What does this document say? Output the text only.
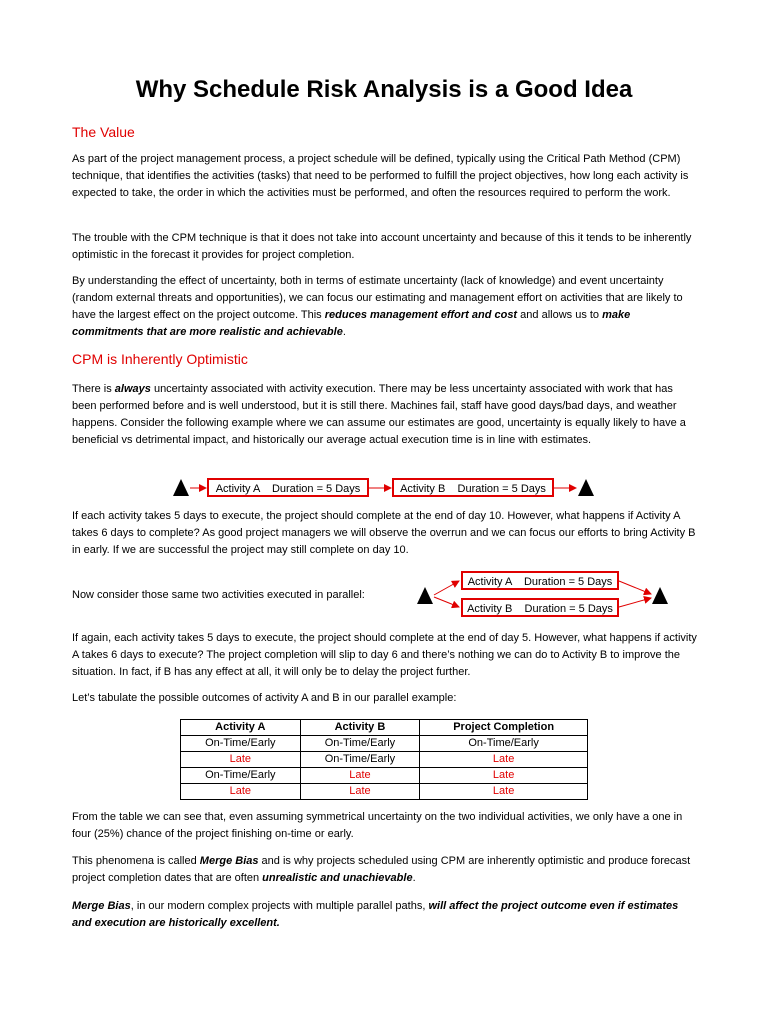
Why Schedule Risk Analysis is a Good Idea
The Value

As part of the project management process, a project schedule will be defined, typically using the Critical Path Method (CPM) technique, that identifies the activities (tasks) that need to be performed to fulfill the project objectives, how long each activity is expected to take, the order in which the activities must be performed, and often the resources required to perform the work.

The trouble with the CPM technique is that it does not take into account uncertainty and because of this it tends to be inherently optimistic in the forecast it provides for project completion.

By understanding the effect of uncertainty, both in terms of estimate uncertainty (lack of knowledge) and event uncertainty (random external threats and opportunities), we can focus our estimating and management effort on activities that are likely to have the largest effect on the project outcome. This reduces management effort and cost and allows us to make commitments that are more realistic and achievable.

CPM is Inherently Optimistic

There is always uncertainty associated with activity execution. There may be less uncertainty associated with work that has been performed before and is well understood, but it is still there. Machines fail, staff have good days/bad days, and weather happens. Consider the following example where we can assume our estimates are good, uncertainty is equally likely to have a beneficial vs detrimental impact, and historically our average actual execution time is in line with estimates.

Activity A    Duration = 5 Days	Activity B    Duration = 5 Days

If each activity takes 5 days to execute, the project should complete at the end of day 10. However, what happens if Activity A takes 6 days to complete? As good project managers we will observe the overrun and we can focus our efforts to bring Activity B in early. If we are successful the project may still complete on day 10.

Now consider those same two activities executed in parallel:

Activity A    Duration = 5 Days
Activity B    Duration = 5 Days

If again, each activity takes 5 days to execute, the project should complete at the end of day 5. However, what happens if activity A takes 6 days to execute? The project completion will slip to day 6 and there’s nothing we can do to Activity B to improve the situation. In fact, if B has any effect at all, it will only be to delay the project further.

Let’s tabulate the possible outcomes of activity A and B in our parallel example:

Activity A	Activity B	Project Completion
On-Time/Early	On-Time/Early	On-Time/Early
Late	On-Time/Early	Late
On-Time/Early	Late	Late
Late	Late	Late

From the table we can see that, even assuming symmetrical uncertainty on the two individual activities, we only have a one in four (25%) chance of the project finishing on-time or early.

This phenomena is called Merge Bias and is why projects scheduled using CPM are inherently optimistic and produce forecast project completion dates that are often unrealistic and unachievable.

Merge Bias, in our modern complex projects with multiple parallel paths, will affect the project outcome even if estimates and execution are historically excellent.
